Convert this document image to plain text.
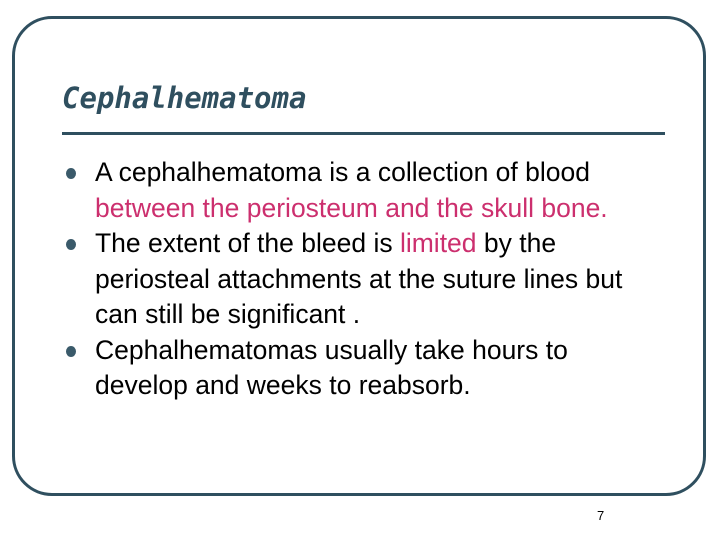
Cephalhematoma
A cephalhematoma is a collection of blood between the periosteum and the skull bone.
The extent of the bleed is limited by the periosteal attachments at the suture lines but can still be significant .
Cephalhematomas usually take hours to develop and weeks to reabsorb.
7
